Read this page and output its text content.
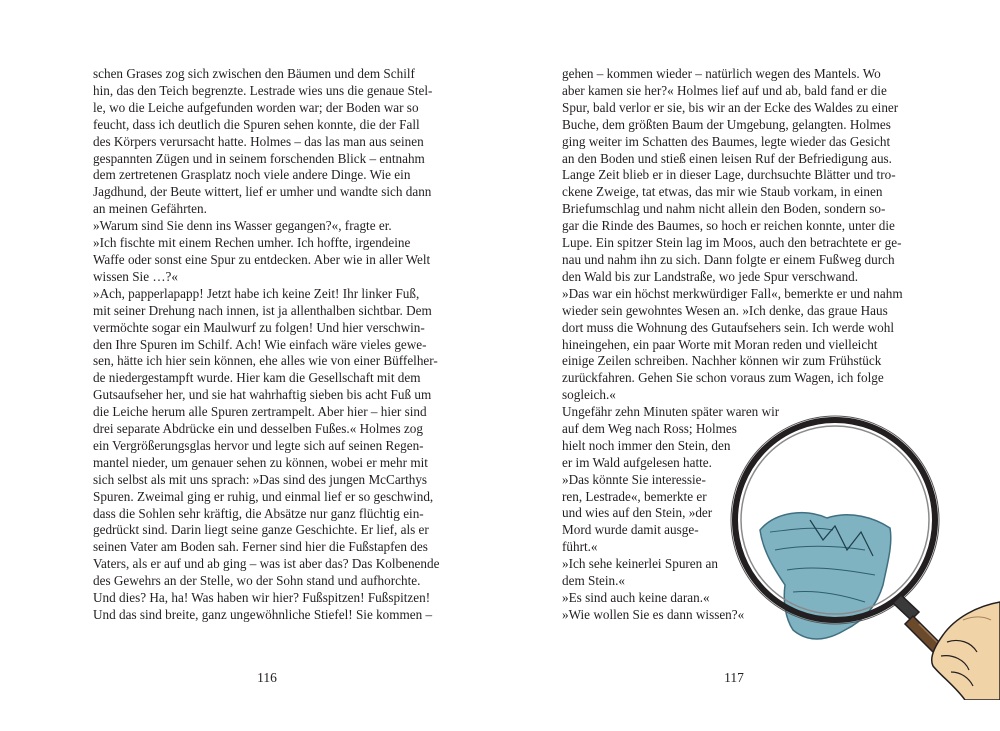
schen Grases zog sich zwischen den Bäumen und dem Schilf
hin, das den Teich begrenzte. Lestrade wies uns die genaue Stel-
le, wo die Leiche aufgefunden worden war; der Boden war so
feucht, dass ich deutlich die Spuren sehen konnte, die der Fall
des Körpers verursacht hatte. Holmes – das las man aus seinen
gespannten Zügen und in seinem forschenden Blick – entnahm
dem zertretenen Grasplatz noch viele andere Dinge. Wie ein
Jagdhund, der Beute wittert, lief er umher und wandte sich dann
an meinen Gefährten.
»Warum sind Sie denn ins Wasser gegangen?«, fragte er.
»Ich fischte mit einem Rechen umher. Ich hoffte, irgendeine
Waffe oder sonst eine Spur zu entdecken. Aber wie in aller Welt
wissen Sie …?«
»Ach, papperlapapp! Jetzt habe ich keine Zeit! Ihr linker Fuß,
mit seiner Drehung nach innen, ist ja allenthalben sichtbar. Dem
vermöchte sogar ein Maulwurf zu folgen! Und hier verschwin-
den Ihre Spuren im Schilf. Ach! Wie einfach wäre vieles gewe-
sen, hätte ich hier sein können, ehe alles wie von einer Büffelher-
de niedergestampft wurde. Hier kam die Gesellschaft mit dem
Gutsaufseher her, und sie hat wahrhaftig sieben bis acht Fuß um
die Leiche herum alle Spuren zertrampelt. Aber hier – hier sind
drei separate Abdrücke ein und desselben Fußes.« Holmes zog
ein Vergrößerungsglas hervor und legte sich auf seinen Regen-
mantel nieder, um genauer sehen zu können, wobei er mehr mit
sich selbst als mit uns sprach: »Das sind des jungen McCarthys
Spuren. Zweimal ging er ruhig, und einmal lief er so geschwind,
dass die Sohlen sehr kräftig, die Absätze nur ganz flüchtig ein-
gedrückt sind. Darin liegt seine ganze Geschichte. Er lief, als er
seinen Vater am Boden sah. Ferner sind hier die Fußstapfen des
Vaters, als er auf und ab ging – was ist aber das? Das Kolbenende
des Gewehrs an der Stelle, wo der Sohn stand und aufhorchte.
Und dies? Ha, ha! Was haben wir hier? Fußspitzen! Fußspitzen!
Und das sind breite, ganz ungewöhnliche Stiefel! Sie kommen –
116
gehen – kommen wieder – natürlich wegen des Mantels. Wo
aber kamen sie her?« Holmes lief auf und ab, bald fand er die
Spur, bald verlor er sie, bis wir an der Ecke des Waldes zu einer
Buche, dem größten Baum der Umgebung, gelangten. Holmes
ging weiter im Schatten des Baumes, legte wieder das Gesicht
an den Boden und stieß einen leisen Ruf der Befriedigung aus.
Lange Zeit blieb er in dieser Lage, durchsuchte Blätter und tro-
ckene Zweige, tat etwas, das mir wie Staub vorkam, in einen
Briefumschlag und nahm nicht allein den Boden, sondern so-
gar die Rinde des Baumes, so hoch er reichen konnte, unter die
Lupe. Ein spitzer Stein lag im Moos, auch den betrachtete er ge-
nau und nahm ihn zu sich. Dann folgte er einem Fußweg durch
den Wald bis zur Landstraße, wo jede Spur verschwand.
»Das war ein höchst merkwürdiger Fall«, bemerkte er und nahm
wieder sein gewohntes Wesen an. »Ich denke, das graue Haus
dort muss die Wohnung des Gutaufsehers sein. Ich werde wohl
hineingehen, ein paar Worte mit Moran reden und vielleicht
einige Zeilen schreiben. Nachher können wir zum Frühstück
zurückfahren. Gehen Sie schon voraus zum Wagen, ich folge
sogleich.«
Ungefähr zehn Minuten später waren wir
auf dem Weg nach Ross; Holmes
hielt noch immer den Stein, den
er im Wald aufgelesen hatte.
»Das könnte Sie interessie-
ren, Lestrade«, bemerkte er
und wies auf den Stein, »der
Mord wurde damit ausge-
führt.«
»Ich sehe keinerlei Spuren an
dem Stein.«
»Es sind auch keine daran.«
»Wie wollen Sie es dann wissen?«
117
